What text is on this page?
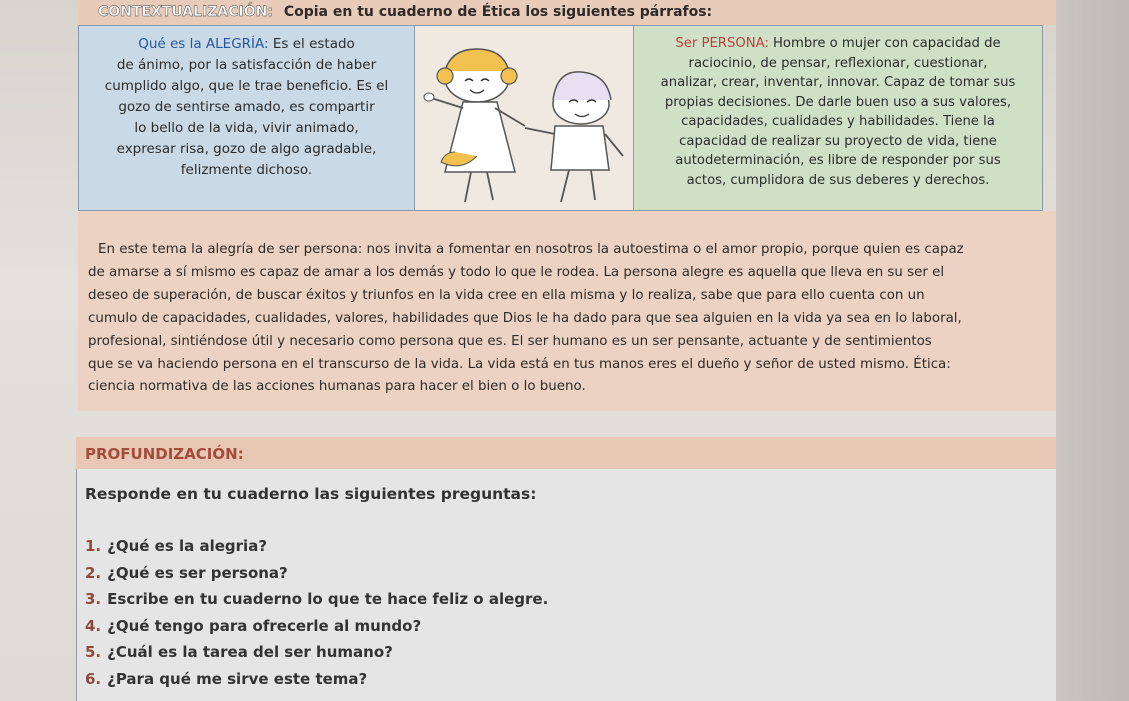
CONTEXTUALIZACIÓN: Copia en tu cuaderno de Ética los siguientes párrafos:
Qué es la ALEGRÍA: Es el estado
de ánimo, por la satisfacción de haber
cumplido algo, que le trae beneficio. Es el
gozo de sentirse amado, es compartir
lo bello de la vida, vivir animado,
expresar risa, gozo de algo agradable,
felizmente dichoso.
Ser PERSONA: Hombre o mujer con capacidad de
raciocinio, de pensar, reflexionar, cuestionar,
analizar, crear, inventar, innovar. Capaz de tomar sus
propias decisiones. De darle buen uso a sus valores,
capacidades, cualidades y habilidades. Tiene la
capacidad de realizar su proyecto de vida, tiene
autodeterminación, es libre de responder por sus
actos, cumplidora de sus deberes y derechos.
En este tema la alegría de ser persona: nos invita a fomentar en nosotros la autoestima o el amor propio, porque quien es capaz
de amarse a sí mismo es capaz de amar a los demás y todo lo que le rodea. La persona alegre es aquella que lleva en su ser el
deseo de superación, de buscar éxitos y triunfos en la vida cree en ella misma y lo realiza, sabe que para ello cuenta con un
cumulo de capacidades, cualidades, valores, habilidades que Dios le ha dado para que sea alguien en la vida ya sea en lo laboral,
profesional, sintiéndose útil y necesario como persona que es. El ser humano es un ser pensante, actuante y de sentimientos
que se va haciendo persona en el transcurso de la vida. La vida está en tus manos eres el dueño y señor de usted mismo. Ética:
ciencia normativa de las acciones humanas para hacer el bien o lo bueno.
PROFUNDIZACIÓN:
Responde en tu cuaderno las siguientes preguntas:
1. ¿Qué es la alegria?
2. ¿Qué es ser persona?
3. Escribe en tu cuaderno lo que te hace feliz o alegre.
4. ¿Qué tengo para ofrecerle al mundo?
5. ¿Cuál es la tarea del ser humano?
6. ¿Para qué me sirve este tema?
